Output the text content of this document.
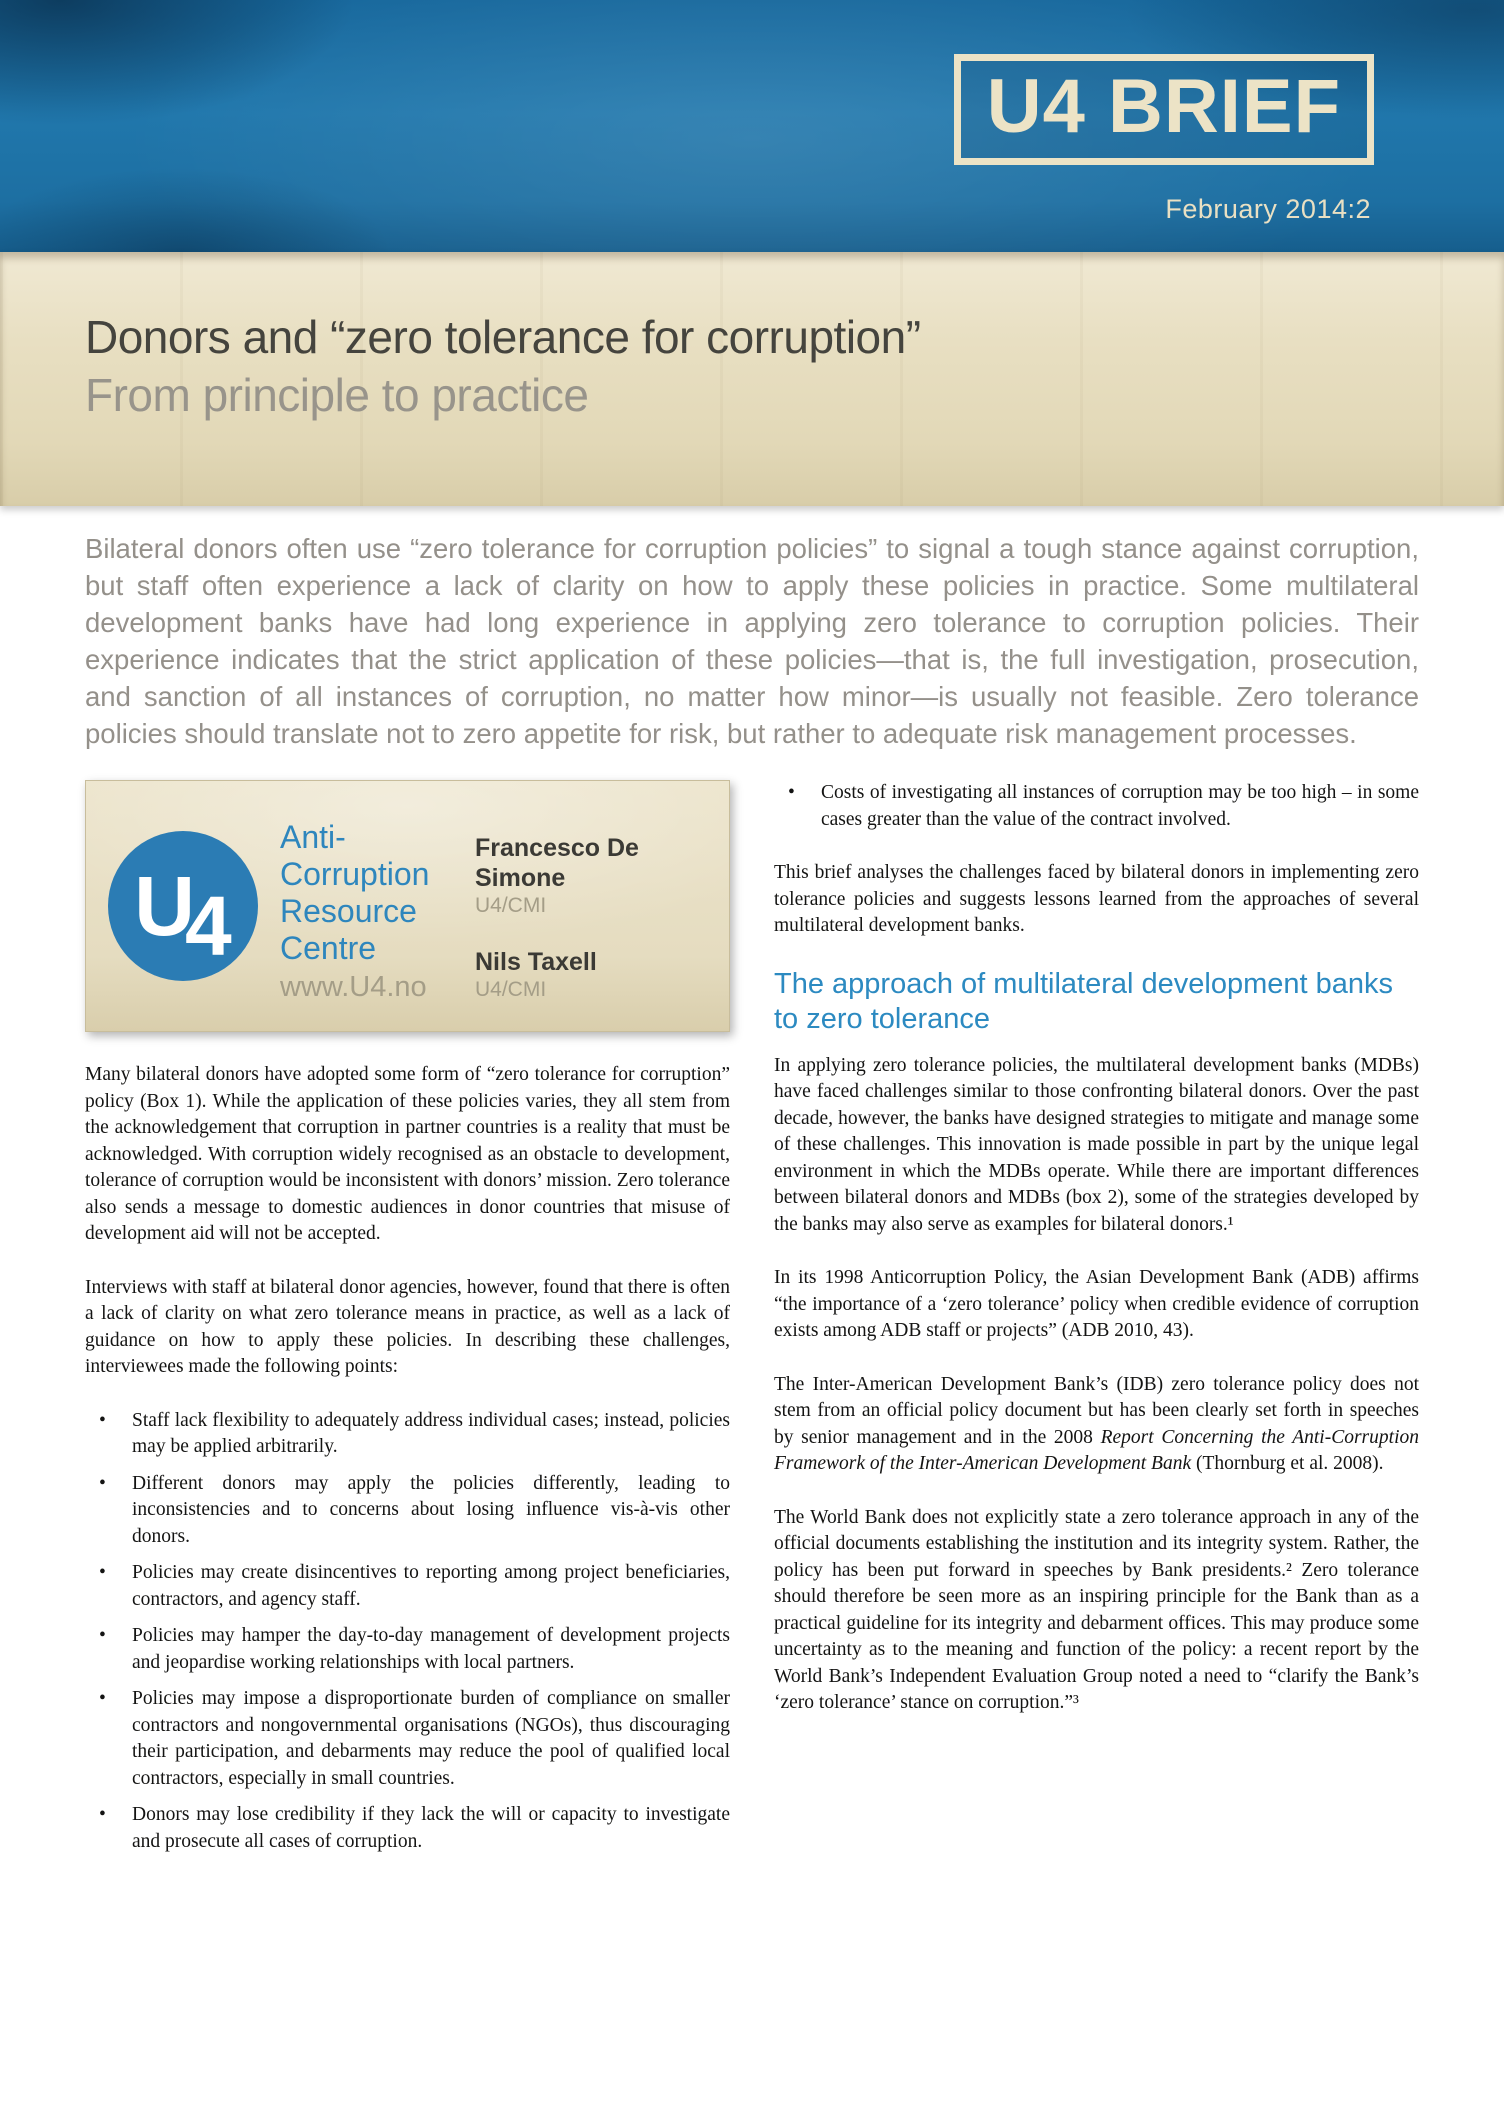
U4 BRIEF
February 2014:2
Donors and “zero tolerance for corruption”
From principle to practice

Bilateral donors often use “zero tolerance for corruption policies” to signal a tough stance against corruption, but staff often experience a lack of clarity on how to apply these policies in practice. Some multilateral development banks have had long experience in applying zero tolerance to corruption policies. Their experience indicates that the strict application of these policies—that is, the full investigation, prosecution, and sanction of all instances of corruption, no matter how minor—is usually not feasible. Zero tolerance policies should translate not to zero appetite for risk, but rather to adequate risk management processes.

U
4
Anti-
Corruption
Resource
Centre
www.U4.no
Francesco De Simone
U4/CMI
Nils Taxell
U4/CMI

Many bilateral donors have adopted some form of “zero tolerance for corruption” policy (Box 1). While the application of these policies varies, they all stem from the acknowledgement that corruption in partner countries is a reality that must be acknowledged. With corruption widely recognised as an obstacle to development, tolerance of corruption would be inconsistent with donors’ mission. Zero tolerance also sends a message to domestic audiences in donor countries that misuse of development aid will not be accepted.

Interviews with staff at bilateral donor agencies, however, found that there is often a lack of clarity on what zero tolerance means in practice, as well as a lack of guidance on how to apply these policies. In describing these challenges, interviewees made the following points:

• Staff lack flexibility to adequately address individual cases; instead, policies may be applied arbitrarily.
• Different donors may apply the policies differently, leading to inconsistencies and to concerns about losing influence vis-à-vis other donors.
• Policies may create disincentives to reporting among project beneficiaries, contractors, and agency staff.
• Policies may hamper the day-to-day management of development projects and jeopardise working relationships with local partners.
• Policies may impose a disproportionate burden of compliance on smaller contractors and nongovernmental organisations (NGOs), thus discouraging their participation, and debarments may reduce the pool of qualified local contractors, especially in small countries.
• Donors may lose credibility if they lack the will or capacity to investigate and prosecute all cases of corruption.
• Costs of investigating all instances of corruption may be too high – in some cases greater than the value of the contract involved.

This brief analyses the challenges faced by bilateral donors in implementing zero tolerance policies and suggests lessons learned from the approaches of several multilateral development banks.

The approach of multilateral development banks to zero tolerance

In applying zero tolerance policies, the multilateral development banks (MDBs) have faced challenges similar to those confronting bilateral donors. Over the past decade, however, the banks have designed strategies to mitigate and manage some of these challenges. This innovation is made possible in part by the unique legal environment in which the MDBs operate. While there are important differences between bilateral donors and MDBs (box 2), some of the strategies developed by the banks may also serve as examples for bilateral donors.¹

In its 1998 Anticorruption Policy, the Asian Development Bank (ADB) affirms “the importance of a ‘zero tolerance’ policy when credible evidence of corruption exists among ADB staff or projects” (ADB 2010, 43).

The Inter-American Development Bank’s (IDB) zero tolerance policy does not stem from an official policy document but has been clearly set forth in speeches by senior management and in the 2008 Report Concerning the Anti-Corruption Framework of the Inter-American Development Bank (Thornburg et al. 2008).

The World Bank does not explicitly state a zero tolerance approach in any of the official documents establishing the institution and its integrity system. Rather, the policy has been put forward in speeches by Bank presidents.² Zero tolerance should therefore be seen more as an inspiring principle for the Bank than as a practical guideline for its integrity and debarment offices. This may produce some uncertainty as to the meaning and function of the policy: a recent report by the World Bank’s Independent Evaluation Group noted a need to “clarify the Bank’s ‘zero tolerance’ stance on corruption.”³
